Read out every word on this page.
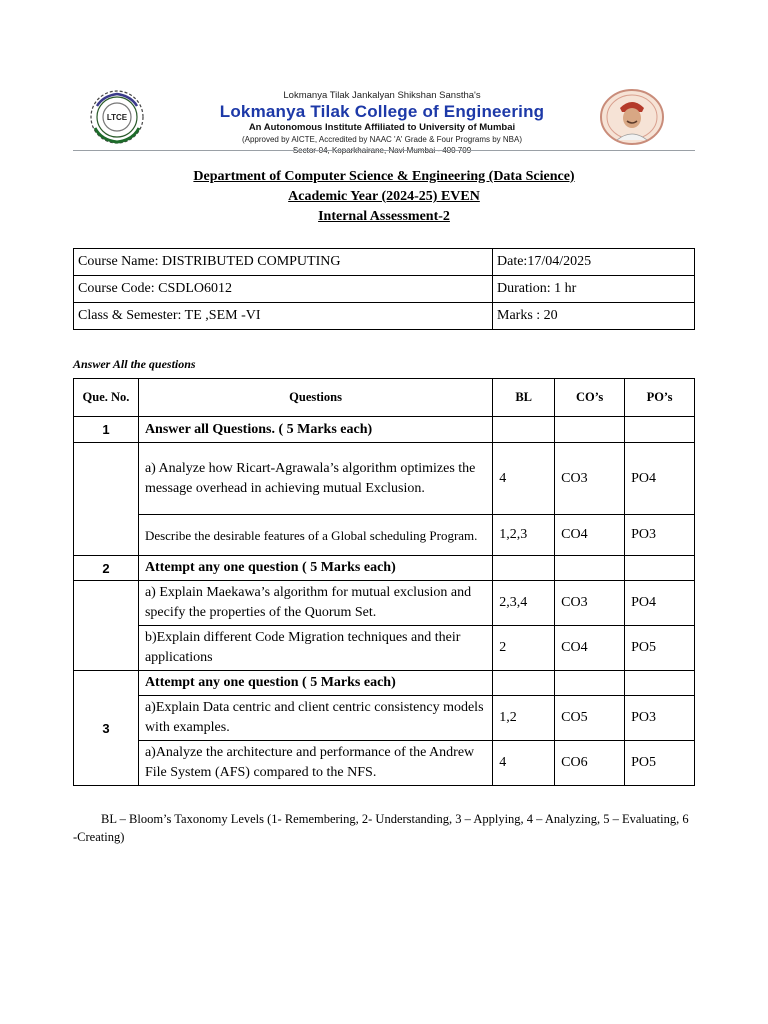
LTCE
Lokmanya Tilak Jankalyan Shikshan Sanstha's
Lokmanya Tilak College of Engineering
An Autonomous Institute Affiliated to University of Mumbai
(Approved by AICTE, Accredited by NAAC 'A' Grade & Four Programs by NBA)
Sector-04, Koparkhairane, Navi Mumbai - 400 709
Department of Computer Science & Engineering (Data Science)
Academic Year (2024-25) EVEN
Internal Assessment-2
Course Name: DISTRIBUTED COMPUTING	Date:17/04/2025
Course Code: CSDLO6012	Duration: 1 hr
Class & Semester: TE ,SEM -VI	Marks : 20
Answer All the questions
Que. No.	Questions	BL	CO’s	PO’s
1	Answer all Questions. ( 5 Marks each)			
	a) Analyze how Ricart-Agrawala’s algorithm optimizes the message overhead in achieving mutual Exclusion.	4	CO3	PO4
	Describe the desirable features of a Global scheduling Program.	1,2,3	CO4	PO3
2	Attempt any one question ( 5 Marks each)			
	a) Explain Maekawa’s algorithm for mutual exclusion and specify the properties of the Quorum Set.	2,3,4	CO3	PO4
	b)Explain different Code Migration techniques and their applications	2	CO4	PO5
3	Attempt any one question ( 5 Marks each)			
	a)Explain Data centric and client centric consistency models with examples.	1,2	CO5	PO3
	a)Analyze the architecture and performance of the Andrew File System (AFS) compared to the NFS.	4	CO6	PO5
BL – Bloom’s Taxonomy Levels (1- Remembering, 2- Understanding, 3 – Applying, 4 – Analyzing, 5 – Evaluating, 6 -Creating)
